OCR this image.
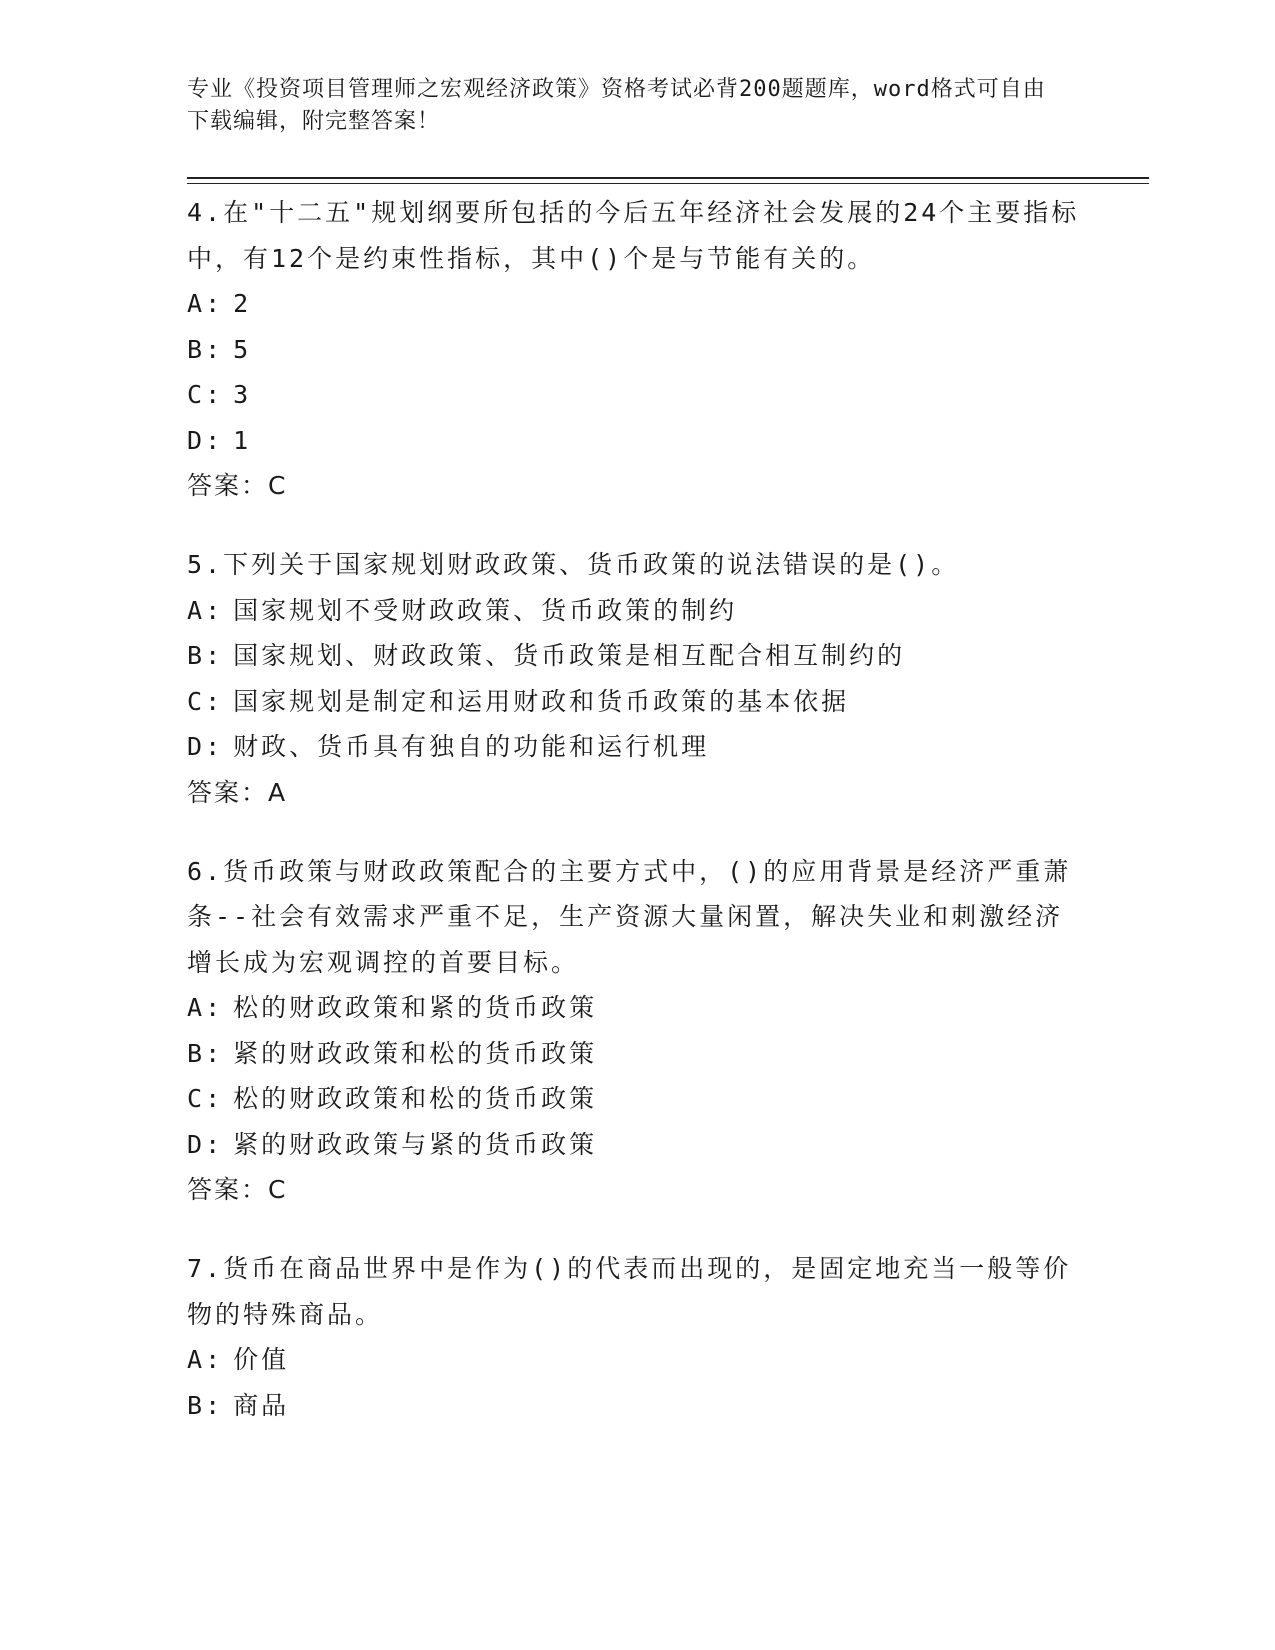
专业《投资项目管理师之宏观经济政策》资格考试必背200题题库，word格式可自由下载编辑，附完整答案！

4.在"十二五"规划纲要所包括的今后五年经济社会发展的24个主要指标中，有12个是约束性指标，其中()个是与节能有关的。

A: 2

B: 5

C: 3

D: 1

答案：C

5.下列关于国家规划财政政策、货币政策的说法错误的是()。

A: 国家规划不受财政政策、货币政策的制约

B: 国家规划、财政政策、货币政策是相互配合相互制约的

C: 国家规划是制定和运用财政和货币政策的基本依据

D: 财政、货币具有独自的功能和运行机理

答案：A

6.货币政策与财政政策配合的主要方式中，()的应用背景是经济严重萧条--社会有效需求严重不足，生产资源大量闲置，解决失业和刺激经济增长成为宏观调控的首要目标。

A: 松的财政政策和紧的货币政策

B: 紧的财政政策和松的货币政策

C: 松的财政政策和松的货币政策

D: 紧的财政政策与紧的货币政策

答案：C

7.货币在商品世界中是作为()的代表而出现的，是固定地充当一般等价物的特殊商品。

A: 价值

B: 商品
